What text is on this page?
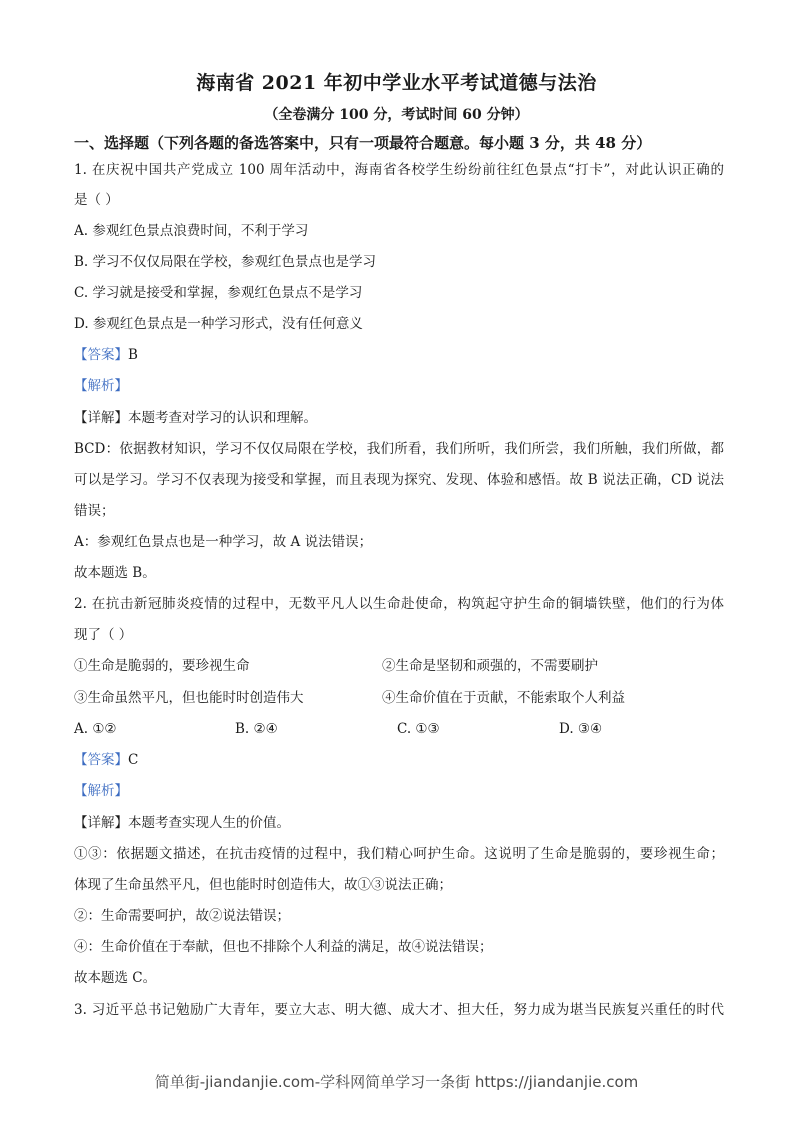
海南省 2021 年初中学业水平考试道德与法治
（全卷满分 100 分，考试时间 60 分钟）
一、选择题（下列各题的备选答案中，只有一项最符合题意。每小题 3 分，共 48 分）
1. 在庆祝中国共产党成立 100 周年活动中，海南省各校学生纷纷前往红色景点“打卡”，对此认识正确的
是（ ）
A. 参观红色景点浪费时间，不利于学习
B. 学习不仅仅局限在学校，参观红色景点也是学习
C. 学习就是接受和掌握，参观红色景点不是学习
D. 参观红色景点是一种学习形式，没有任何意义
【答案】B
【解析】
【详解】本题考查对学习的认识和理解。
BCD：依据教材知识，学习不仅仅局限在学校，我们所看，我们所听，我们所尝，我们所触，我们所做，都
可以是学习。学习不仅表现为接受和掌握，而且表现为探究、发现、体验和感悟。故 B 说法正确，CD 说法
错误；
A：参观红色景点也是一种学习，故 A 说法错误；
故本题选 B。
2. 在抗击新冠肺炎疫情的过程中，无数平凡人以生命赴使命，构筑起守护生命的铜墙铁壁，他们的行为体
现了（ ）
①生命是脆弱的，要珍视生命	②生命是坚韧和顽强的，不需要刷护
③生命虽然平凡，但也能时时创造伟大	④生命价值在于贡献，不能索取个人利益
A. ①②	B. ②④	C. ①③	D. ③④
【答案】C
【解析】
【详解】本题考查实现人生的价值。
①③：依据题文描述，在抗击疫情的过程中，我们精心呵护生命。这说明了生命是脆弱的，要珍视生命；
体现了生命虽然平凡，但也能时时创造伟大，故①③说法正确；
②：生命需要呵护，故②说法错误；
④：生命价值在于奉献，但也不排除个人利益的满足，故④说法错误；
故本题选 C。
3. 习近平总书记勉励广大青年，要立大志、明大德、成大才、担大任，努力成为堪当民族复兴重任的时代
简单街-jiandanjie.com-学科网简单学习一条街 https://jiandanjie.com
